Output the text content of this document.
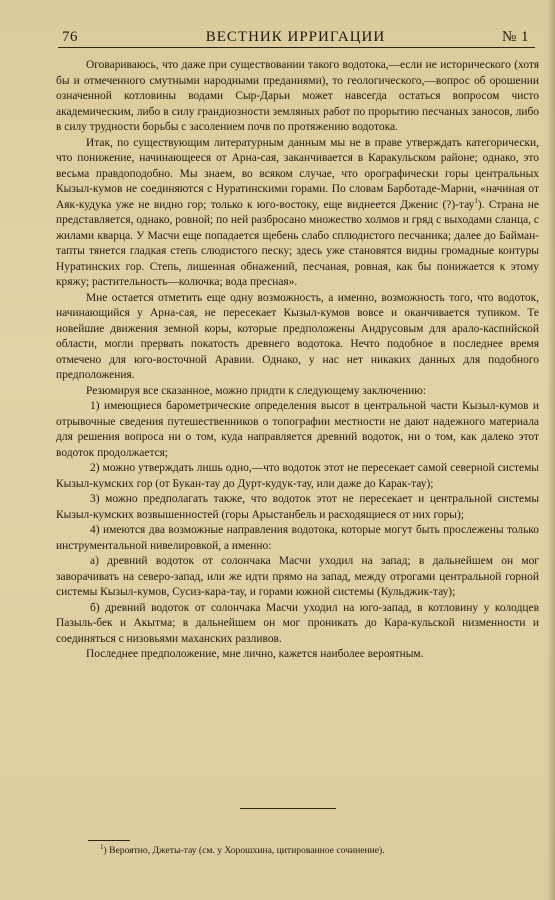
76	ВЕСТНИК ИРРИГАЦИИ	№ 1

Оговариваюсь, что даже при существовании такого водотока,—если не исторического (хотя бы и отмеченного смутными народными преданиями), то геологического,—вопрос об орошении означенной котловины водами Сыр-Дарьи может навсегда остаться вопросом чисто академическим, либо в силу грандиозности земляных работ по прорытию песчаных заносов, либо в силу трудности борьбы с засолением почв по протяжению водотока.

Итак, по существующим литературным данным мы не в праве утверждать категорически, что понижение, начинающееся от Арна-сая, заканчивается в Каракульском районе; однако, это весьма правдоподобно. Мы знаем, во всяком случае, что орографически горы центральных Кызыл-кумов не соединяются с Нуратинскими горами. По словам Барботаде-Марни, «начиная от Аяк-кудука уже не видно гор; только к юго-востоку, еще виднеется Дженис (?)-тау$^1$). Страна не представляется, однако, ровной; по ней разбросано множество холмов и гряд с выходами сланца, с жилами кварца. У Масчи еще попадается щебень слабо сплюдистого песчаника; далее до Байман-тапты тянется гладкая степь слюдистого песку; здесь уже становятся видны громадные контуры Нуратинских гор. Степь, лишенная обнажений, песчаная, ровная, как бы понижается к этому кряжу; растительность—колючка; вода пресная».

Мне остается отметить еще одну возможность, а именно, возможность того, что водоток, начинающийся у Арна-сая, не пересекает Кызыл-кумов вовсе и оканчивается тупиком. Те новейшие движения земной коры, которые предположены Андрусовым для арало-каспийской области, могли прервать покатость древнего водотока. Нечто подобное в последнее время отмечено для юго-восточной Аравии. Однако, у нас нет никаких данных для подобного предположения.

Резюмируя все сказанное, можно придти к следующему заключению:

1) имеющиеся барометрические определения высот в центральной части Кызыл-кумов и отрывочные сведения путешественников о топографии местности не дают надежного материала для решения вопроса ни о том, куда направляется древний водоток, ни о том, как далеко этот водоток продолжается;

2) можно утверждать лишь одно,—что водоток этот не пересекает самой северной системы Кызыл-кумских гор (от Букан-тау до Дурт-кудук-тау, или даже до Карак-тау);

3) можно предполагать также, что водоток этот не пересекает и центральной системы Кызыл-кумских возвышенностей (горы Арыстанбель и расходящиеся от них горы);

4) имеются два возможные направления водотока, которые могут быть прослежены только инструментальной нивелировкой, а именно:

а) древний водоток от солончака Масчи уходил на запад; в дальнейшем он мог заворачивать на северо-запад, или же идти прямо на запад, между отрогами центральной горной системы Кызыл-кумов, Сусиз-кара-тау, и горами южной системы (Кульджик-тау);

б) древний водоток от солончака Масчи уходил на юго-запад, в котловину у колодцев Пазыль-бек и Акытма; в дальнейшем он мог проникать до Кара-кульской низменности и соединяться с низовьями маханских разливов.

Последнее предположение, мне лично, кажется наиболее вероятным.

$^1$) Вероятно, Джеты-тау (см. у Хорошхина, цитированное сочинение).
